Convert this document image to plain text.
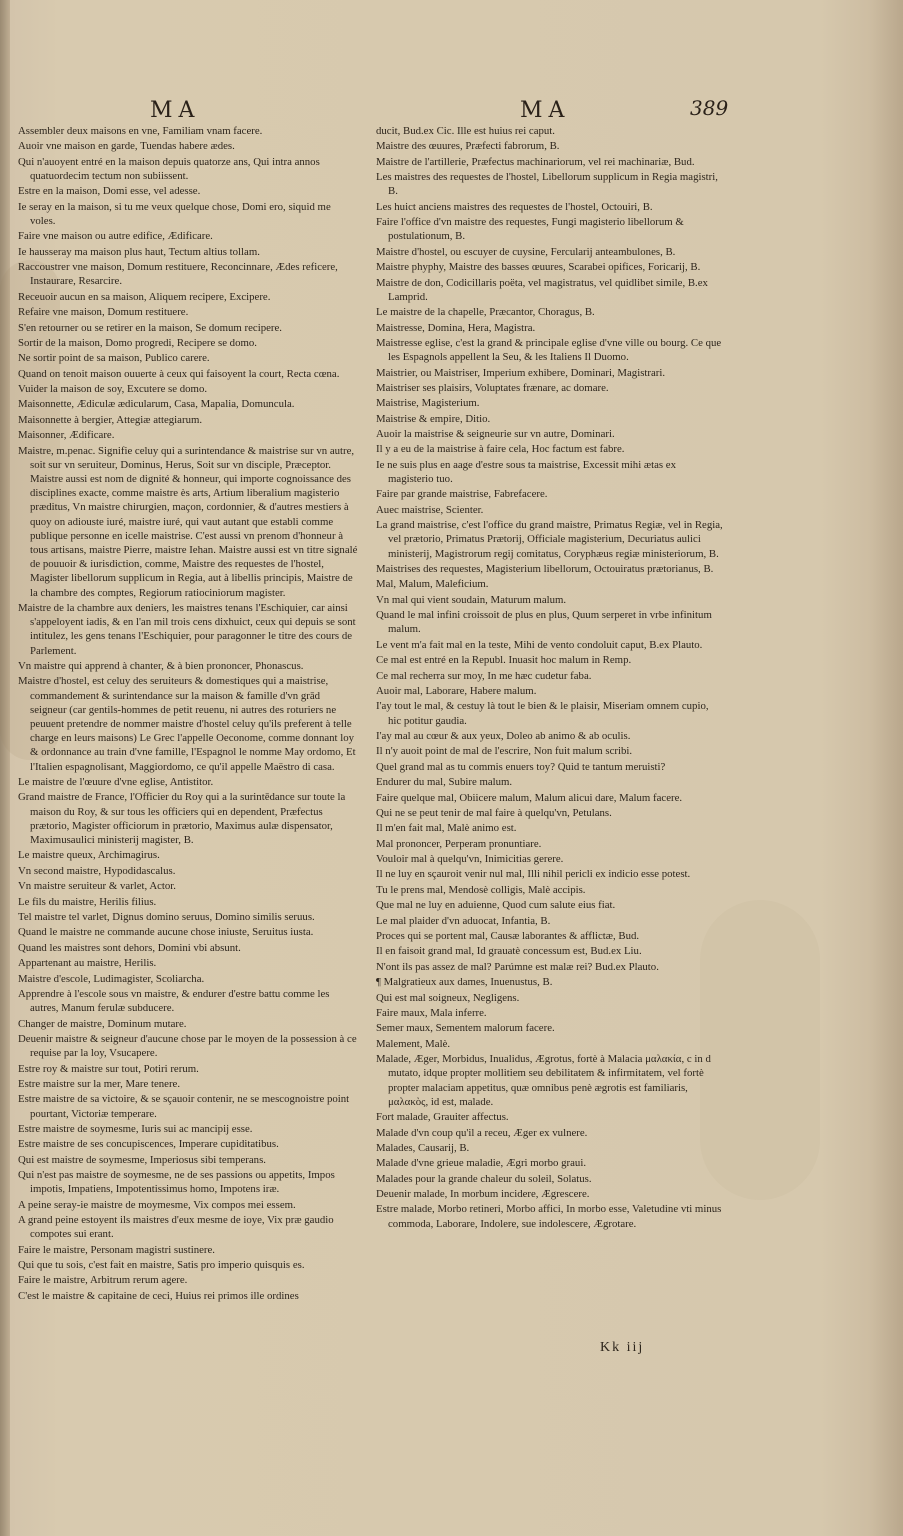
MA	MA	389
Assembler deux maisons en vne, Familiam vnam facere.
Auoir vne maison en garde, Tuendas habere ædes.
Qui n'auoyent entré en la maison depuis quatorze ans, Qui intra annos quatuordecim tectum non subiissent.
Estre en la maison, Domi esse, vel adesse.
Ie seray en la maison, si tu me veux quelque chose, Domi ero, siquid me voles.
Faire vne maison ou autre edifice, Ædificare.
Ie hausseray ma maison plus haut, Tectum altius tollam.
Raccoustrer vne maison, Domum restituere, Reconcinnare, Ædes reficere, Instaurare, Resarcire.
Receuoir aucun en sa maison, Aliquem recipere, Excipere.
Refaire vne maison, Domum restituere.
S'en retourner ou se retirer en la maison, Se domum recipere.
Sortir de la maison, Domo progredi, Recipere se domo.
Ne sortir point de sa maison, Publico carere.
Quand on tenoit maison ouuerte à ceux qui faisoyent la court, Recta cœna.
Vuider la maison de soy, Excutere se domo.
Maisonnette, Ædiculæ ædicularum, Casa, Mapalia, Domuncula.
Maisonnette à bergier, Attegiæ attegiarum.
Maisonner, Ædificare.
Maistre, m.penac. Signifie celuy qui a surintendance & maistrise sur vn autre, soit sur vn seruiteur, Dominus, Herus, Soit sur vn disciple, Præceptor. Maistre aussi est nom de dignité & honneur, qui importe cognoissance des disciplines exacte, comme maistre ès arts, Artium liberalium magisterio præditus, Vn maistre chirurgien, maçon, cordonnier, & d'autres mestiers à quoy on adiouste iuré, maistre iuré, qui vaut autant que establi comme publique personne en icelle maistrise. C'est aussi vn prenom d'honneur à tous artisans, maistre Pierre, maistre Iehan. Maistre aussi est vn titre signalé de pouuoir & iurisdiction, comme, Maistre des requestes de l'hostel, Magister libellorum supplicum in Regia, aut à libellis principis, Maistre de la chambre des comptes, Regiorum ratiociniorum magister.
Maistre de la chambre aux deniers, les maistres tenans l'Eschiquier, car ainsi s'appeloyent iadis, & en l'an mil trois cens dixhuict, ceux qui depuis se sont intitulez, les gens tenans l'Eschiquier, pour paragonner le titre des cours de Parlement.
Vn maistre qui apprend à chanter, & à bien prononcer, Phonascus.
Maistre d'hostel, est celuy des seruiteurs & domestiques qui a maistrise, commandement & surintendance sur la maison & famille d'vn grād seigneur (car gentils-hommes de petit reuenu, ni autres des roturiers ne peuuent pretendre de nommer maistre d'hostel celuy qu'ils preferent à telle charge en leurs maisons) Le Grec l'appelle Oeconome, comme donnant loy & ordonnance au train d'vne famille, l'Espagnol le nomme May ordomo, Et l'Italien espagnolisant, Maggiordomo, ce qu'il appelle Maëstro di casa.
Le maistre de l'œuure d'vne eglise, Antistitor.
Grand maistre de France, l'Officier du Roy qui a la surintēdance sur toute la maison du Roy, & sur tous les officiers qui en dependent, Præfectus prætorio, Magister officiorum in prætorio, Maximus aulæ dispensator, Maximusaulici ministerij magister, B.
Le maistre queux, Archimagirus.
Vn second maistre, Hypodidascalus.
Vn maistre seruiteur & varlet, Actor.
Le fils du maistre, Herilis filius.
Tel maistre tel varlet, Dignus domino seruus, Domino similis seruus.
Quand le maistre ne commande aucune chose iniuste, Seruitus iusta.
Quand les maistres sont dehors, Domini vbi absunt.
Appartenant au maistre, Herilis.
Maistre d'escole, Ludimagister, Scoliarcha.
Apprendre à l'escole sous vn maistre, & endurer d'estre battu comme les autres, Manum ferulæ subducere.
Changer de maistre, Dominum mutare.
Deuenir maistre & seigneur d'aucune chose par le moyen de la possession à ce requise par la loy, Vsucapere.
Estre roy & maistre sur tout, Potiri rerum.
Estre maistre sur la mer, Mare tenere.
Estre maistre de sa victoire, & se sçauoir contenir, ne se mescognoistre point pourtant, Victoriæ temperare.
Estre maistre de soymesme, Iuris sui ac mancipij esse.
Estre maistre de ses concupiscences, Imperare cupiditatibus.
Qui est maistre de soymesme, Imperiosus sibi temperans.
Qui n'est pas maistre de soymesme, ne de ses passions ou appetits, Impos impotis, Impatiens, Impotentissimus homo, Impotens iræ.
A peine seray-ie maistre de moymesme, Vix compos mei essem.
A grand peine estoyent ils maistres d'eux mesme de ioye, Vix præ gaudio compotes sui erant.
Faire le maistre, Personam magistri sustinere.
Qui que tu sois, c'est fait en maistre, Satis pro imperio quisquis es.
Faire le maistre, Arbitrum rerum agere.
C'est le maistre & capitaine de ceci, Huius rei primos ille ordines
ducit, Bud.ex Cic. Ille est huius rei caput.
Maistre des œuures, Præfecti fabrorum, B.
Maistre de l'artillerie, Præfectus machinariorum, vel rei machinariæ, Bud.
Les maistres des requestes de l'hostel, Libellorum supplicum in Regia magistri, B.
Les huict anciens maistres des requestes de l'hostel, Octouiri, B.
Faire l'office d'vn maistre des requestes, Fungi magisterio libellorum & postulationum, B.
Maistre d'hostel, ou escuyer de cuysine, Fercularij anteambulones, B.
Maistre phyphy, Maistre des basses œuures, Scarabei opifices, Foricarij, B.
Maistre de don, Codicillaris poëta, vel magistratus, vel quidlibet simile, B.ex Lamprid.
Le maistre de la chapelle, Præcantor, Choragus, B.
Maistresse, Domina, Hera, Magistra.
Maistresse eglise, c'est la grand & principale eglise d'vne ville ou bourg. Ce que les Espagnols appellent la Seu, & les Italiens Il Duomo.
Maistrier, ou Maistriser, Imperium exhibere, Dominari, Magistrari.
Maistriser ses plaisirs, Voluptates frænare, ac domare.
Maistrise, Magisterium.
Maistrise & empire, Ditio.
Auoir la maistrise & seigneurie sur vn autre, Dominari.
Il y a eu de la maistrise à faire cela, Hoc factum est fabre.
Ie ne suis plus en aage d'estre sous ta maistrise, Excessit mihi ætas ex magisterio tuo.
Faire par grande maistrise, Fabrefacere.
Auec maistrise, Scienter.
La grand maistrise, c'est l'office du grand maistre, Primatus Regiæ, vel in Regia, vel prætorio, Primatus Prætorij, Officiale magisterium, Decuriatus aulici ministerij, Magistrorum regij comitatus, Coryphæus regiæ ministeriorum, B.
Maistrises des requestes, Magisterium libellorum, Octouiratus prætorianus, B.
Mal, Malum, Maleficium.
Vn mal qui vient soudain, Maturum malum.
Quand le mal infini croissoit de plus en plus, Quum serperet in vrbe infinitum malum.
Le vent m'a fait mal en la teste, Mihi de vento condoluit caput, B.ex Plauto.
Ce mal est entré en la Republ. Inuasit hoc malum in Remp.
Ce mal recherra sur moy, In me hæc cudetur faba.
Auoir mal, Laborare, Habere malum.
I'ay tout le mal, & cestuy là tout le bien & le plaisir, Miseriam omnem cupio, hic potitur gaudia.
I'ay mal au cœur & aux yeux, Doleo ab animo & ab oculis.
Il n'y auoit point de mal de l'escrire, Non fuit malum scribi.
Quel grand mal as tu commis enuers toy? Quid te tantum meruisti?
Endurer du mal, Subire malum.
Faire quelque mal, Obiicere malum, Malum alicui dare, Malum facere.
Qui ne se peut tenir de mal faire à quelqu'vn, Petulans.
Il m'en fait mal, Malè animo est.
Mal prononcer, Perperam pronuntiare.
Vouloir mal à quelqu'vn, Inimicitias gerere.
Il ne luy en sçauroit venir nul mal, Illi nihil pericli ex indicio esse potest.
Tu le prens mal, Mendosè colligis, Malè accipis.
Que mal ne luy en aduienne, Quod cum salute eius fiat.
Le mal plaider d'vn aduocat, Infantia, B.
Proces qui se portent mal, Causæ laborantes & afflictæ, Bud.
Il en faisoit grand mal, Id grauatè concessum est, Bud.ex Liu.
N'ont ils pas assez de mal? Parúmne est malæ rei? Bud.ex Plauto.
¶ Malgratieux aux dames, Inuenustus, B.
Qui est mal soigneux, Negligens.
Faire maux, Mala inferre.
Semer maux, Sementem malorum facere.
Malement, Malè.
Malade, Æger, Morbidus, Inualidus, Ægrotus, fortè à Malacia μαλακία, c in d mutato, idque propter mollitiem seu debilitatem & infirmitatem, vel fortè propter malaciam appetitus, quæ omnibus penè ægrotis est familiaris, μαλακὸς, id est, malade.
Fort malade, Grauiter affectus.
Malade d'vn coup qu'il a receu, Æger ex vulnere.
Malades, Causarij, B.
Malade d'vne grieue maladie, Ægri morbo graui.
Malades pour la grande chaleur du soleil, Solatus.
Deuenir malade, In morbum incidere, Ægrescere.
Estre malade, Morbo retineri, Morbo affici, In morbo esse, Valetudine vti minus commoda, Laborare, Indolere, sue indolescere, Ægrotare.
Kk iij
